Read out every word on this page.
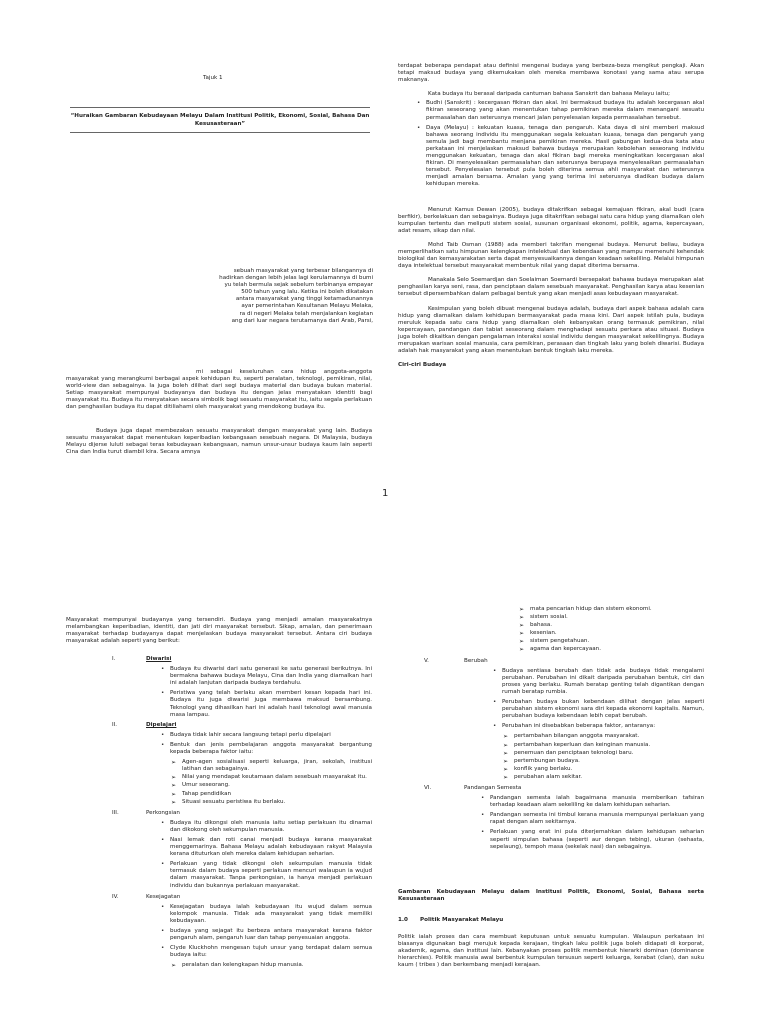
Tajuk 1
“Huraikan Gambaran Kebudayaan Melayu Dalam Institusi Politik, Ekonomi, Sosial, Bahasa Dan Kesusasteraan”
sebuah masyarakat yang terbesar bilangannya di
hadirkan dengan lebih jelas lagi kerulamannya di bumi
yu telah bermula sejak sebelum terbinanya empayar
500 tahun yang lalu. Ketika ini boleh dikatakan
antara masyarakat yang tinggi ketamadunannya
ayar pemerintahan Kesultanan Melayu Melaka,
ra di negeri Melaka telah menjalankan kegiatan
ang dari luar negara terutamanya dari Arab, Parsi,

mi sebagai keseluruhan cara hidup anggota-anggota masyarakat yang merangkumi berbagai aspek kehidupan itu, seperti peralatan, teknologi, pemikiran, nilai, world-view dan sebagainya. Ia juga boleh dilihat dari segi budaya material dan budaya bukan material. Setiap masyarakat mempunyai budayanya dan budaya itu dengan jelas menyatakan identiti bagi masyarakat itu. Budaya itu menyatakan secara simbolik bagi sesuatu masyarakat itu, iaitu segala perlakuan dan penghasilan budaya itu dapat ditiliahami oleh masyarakat yang mendokong budaya itu.

Budaya juga dapat membezakan sesuatu masyarakat dengan masyarakat yang lain. Budaya sesuatu masyarakat dapat menentukan keperibadian kebangsaan sesebuah negara. Di Malaysia, budaya Melayu dijerse luluti sebagai teras kebudayaan kebangsaan, namun unsur-unsur budaya kaum lain seperti Cina dan India turut diambil kira. Secara amnya

terdapat beberapa pendapat atau definisi mengenai budaya yang berbeza-beza mengikut pengkaji. Akan tetapi maksud budaya yang dikemukakan oleh mereka membawa konotasi yang sama atau serupa maknanya.

Kata budaya itu berasal daripada cantuman bahasa Sanskrit dan bahasa Melayu iaitu;

• Budhi (Sanskrit) : kecergasan fikiran dan akal. Ini bermaksud budaya itu adalah kecergasan akal fikiran seseorang yang akan menentukan tahap pemikiran mereka dalam menangani sesuatu permasalahan dan seterusnya mencari jalan penyelesaian kepada permasalahan tersebut.
• Daya (Melayu) : kekuatan kuasa, tenaga dan pengaruh. Kata daya di sini memberi maksud bahawa seorang individu itu menggunakan segala kekuatan kuasa, tenaga dan pengaruh yang semula jadi bagi membantu menjana pemikiran mereka. Hasil gabungan kedua-dua kata atau perkataan ini menjelaskan maksud bahawa budaya merupakan kebolehan seseorang individu menggunakan kekuatan, tenaga dan akal fikiran bagi mereka meningkatkan kecergasan akal fikiran. Di menyelesaikan permasalahan dan seterusnya berupaya menyelesaikan permasalahan tersebut. Penyelesaian tersebut pula boleh diterima semua ahli masyarakat dan seterusnya menjadi amalan bersama. Amalan yang yang terima ini seterusnya diadikan budaya dalam kehidupan mereka.

Menurut Kamus Dewan (2005), budaya ditakrifkan sebagai kemajuan fikiran, akal budi (cara berfikir), berkelakuan dan sebagainya. Budaya juga ditakrifkan sebagai satu cara hidup yang diamalkan oleh kumpulan tertentu dan meliputi sistem sosial, susunan organisasi ekonomi, politik, agama, kepercayaan, adat resam, sikap dan nilai.

Mohd Taib Osman (1988) ada memberi takrifan mengenai budaya. Menurut beliau, budaya memperlihatkan satu himpunan kelengkapan intelektual dan kebendaan yang mampu memenuhi kehendak biologikal dan kemasyarakatan serta dapat menyesuaikannya dengan keadaan sekeliling. Melalui himpunan daya intelektual tersebut masyarakat membentuk nilai yang dapat diterima bersama.

Manakala Selo Soemardjan dan Soelaiman Soemardi bersepakat bahawa budaya merupakan alat penghasilan karya seni, rasa, dan penciptaan dalam sesebuah masyarakat. Penghasilan karya atau kesenian tersebut dipersembahkan dalam pelbagai bentuk yang akan menjadi asas kebudayaan masyarakat.

Kesimpulan yang boleh dibuat mengenai budaya adalah, budaya dari aspek bahasa adalah cara hidup yang diamalkan dalam kehidupan bermasyarakat pada masa kini. Dari aspek istilah pula, budaya meruluk kepada satu cara hidup yang diamalkan oleh kebanyakan orang termasuk pemikiran, nilai kepercayaan, pandangan dan tabiat seseorang dalam menghadapi sesuatu perkara atau situasi. Budaya juga boleh dikaitkan dengan pengalaman interaksi sosial individu dengan masyarakat sekelilingnya. Budaya merupakan warisan sosial manusia, cara pemikiran, perasaan dan tingkah laku yang boleh diwarisi. Budaya adalah hak masyarakat yang akan menentukan bentuk tingkah laku mereka.

Ciri-ciri Budaya

1
Masyarakat mempunyai budayanya yang tersendiri. Budaya yang menjadi amalan masyarakatnya melambangkan keperibadian, identiti, dan jati diri masyarakat tersebut. Sikap, amalan, dan penerimaan masyarakat terhadap budayanya dapat menjelaskan budaya masyarakat tersebut. Antara ciri budaya masyarakat adalah seperti yang berikut:
I.	Diwarisi
• Budaya itu diwarisi dari satu generasi ke satu generasi berikutnya. Ini bermakna bahawa budaya Melayu, Cina dan India yang diamalkan hari ini adalah lanjutan daripada budaya terdahulu.
• Peristiwa yang telah berlaku akan memberi kesan kepada hari ini. Budaya itu juga diwarisi juga membawa maksud bersambung. Teknologi yang dihasilkan hari ini adalah hasil teknologi awal manusia masa lampau.
II.	Dipelajari
• Budaya tidak lahir secara langsung tetapi perlu dipelajari
• Bentuk dan jenis pembelajaran anggota masyarakat bergantung kepada beberapa faktor iaitu:
➢ Agen-agen sosialisasi seperti keluarga, jiran, sekolah, institusi latihan dan sebagainya.
➢ Nilai yang mendapat keutamaan dalam sesebuah masyarakat itu.
➢ Umur seseorang.
➢ Tahap pendidikan
➢ Situasi sesuatu peristiwa itu berlaku.
III.	Perkongsian
• Budaya itu dikongsi oleh manusia iaitu setiap perlakuan itu dinamai dan dikokong oleh sekumpulan manusia.
• Nasi lemak dan roti canai menjadi budaya kerana masyarakat menggemarinya. Bahasa Melayu adalah kebudayaan rakyat Malaysia kerana dituturkan oleh mereka dalam kehidupan seharian.
• Perlakuan yang tidak dikongsi oleh sekumpulan manusia tidak termasuk dalam budaya seperti perlakuan mencuri walaupun ia wujud dalam masyarakat. Tanpa perkongsian, ia hanya menjadi perlakuan individu dan bukannya perlakuan masyarakat.
IV.	Kesejagatan
• Kesejagatan budaya ialah kebudayaan itu wujud dalam semua kelompok manusia. Tidak ada masyarakat yang tidak memiliki kebudayaan.
• budaya yang sejagat itu berbeza antara masyarakat kerana faktor pengaruh alam, pengaruh luar dan tahap penyesuaian anggota.
• Clyde Kluckhohn mengesan tujuh unsur yang terdapat dalam semua budaya iaitu:
➢ peralatan dan kelengkapan hidup manusia.
➢ mata pencarian hidup dan sistem ekonomi.
➢ sistem sosial.
➢ bahasa.
➢ kesenian.
➢ sistem pengetahuan.
➢ agama dan kepercayaan.
V.	Berubah
• Budaya sentiasa berubah dan tidak ada budaya tidak mengalami perubahan. Perubahan ini dikait daripada perubahan bentuk, ciri dan proses yang berlaku. Rumah beratap genting telah digantikan dengan rumah beratap rumbia.
• Perubahan budaya bukan kebendaan dilihat dengan jelas seperti perubahan sistem ekonomi sara diri kepada ekonomi kapitalis. Namun, perubahan budaya kebendaan lebih cepat berubah.
• Perubahan ini disebabkan beberapa faktor, antaranya:
➢ pertambahan bilangan anggota masyarakat.
➢ pertambahan keperluan dan keinginan manusia.
➢ penemuan dan penciptaan teknologi baru.
➢ pertembungan budaya.
➢ konflik yang berlaku.
➢ perubahan alam sekitar.
VI.	Pandangan Semesta
• Pandangan semesta ialah bagaimana manusia memberikan tafsiran terhadap keadaan alam sekeliling ke dalam kehidupan seharian.
• Pandangan semesta ini timbul kerana manusia mempunyai perlakuan yang rapat dengan alam sekitarnya.
• Perlakuan yang erat ini pula diterjemahkan dalam kehidupan seharian seperti simpulan bahasa (seperti aur dengan tebing), ukuran (sehasta, sepelaung), tempoh masa (sekelak nasi) dan sebagainya.

Gambaran Kebudayaan Melayu dalam Institusi Politik, Ekonomi, Sosial, Bahasa serta Kesusasteraan

1.0 Politik Masyarakat Melayu

Politik ialah proses dan cara membuat keputusan untuk sesuatu kumpulan. Walaupun perkataan ini biasanya digunakan bagi merujuk kepada kerajaan, tingkah laku politik juga boleh didapati di korporat, akademik, agama, dan institusi lain. Kebanyakan proses politik membentuk hierarki dominan (dominance hierarchies). Politik manusia awal berbentuk kumpulan tersusun seperti keluarga, kerabat (clan), dan suku kaum ( tribes ) dan berkembang menjadi kerajaan.
